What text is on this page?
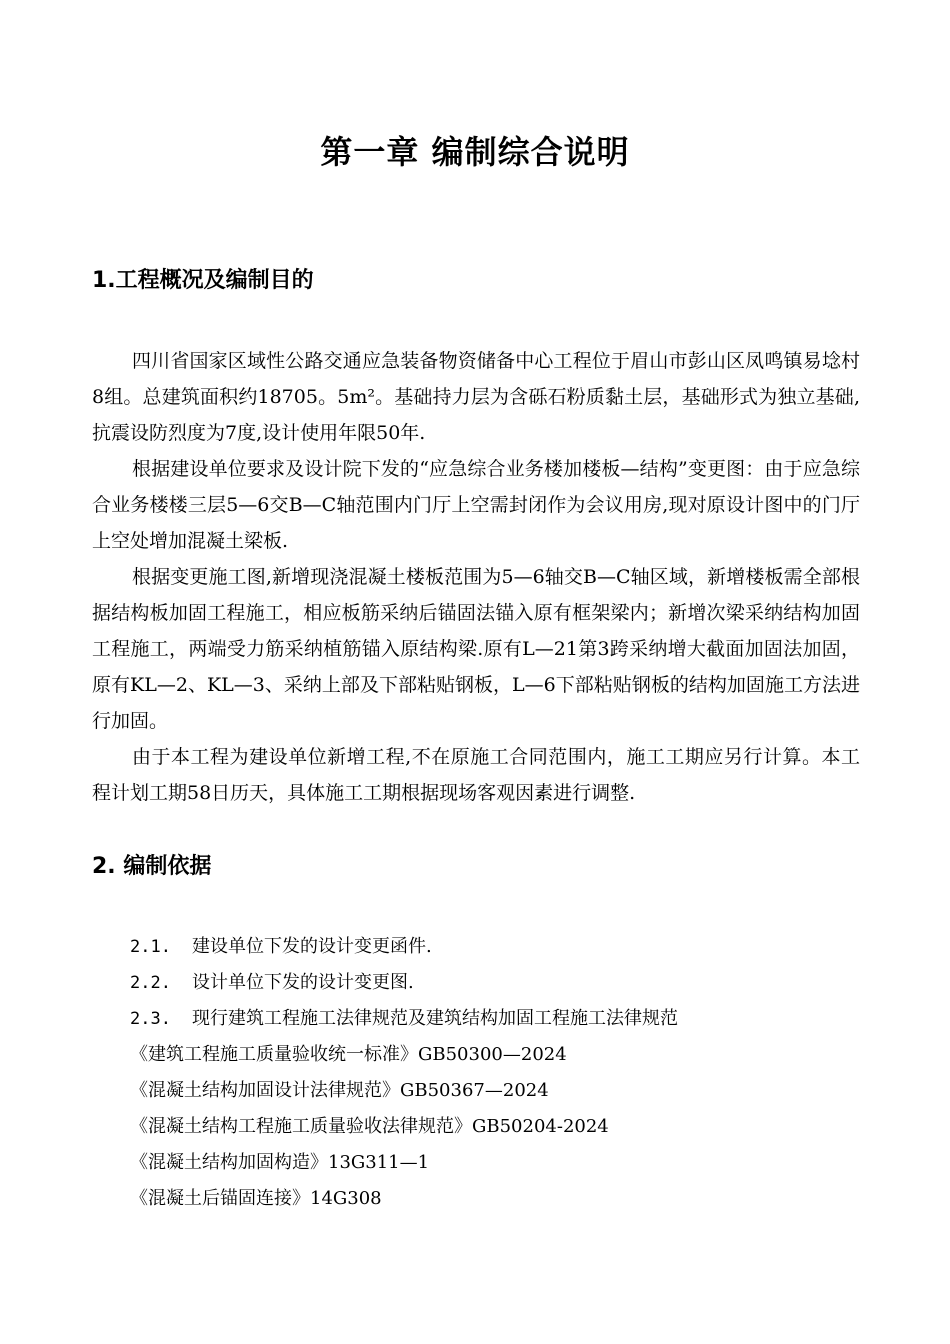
第一章 编制综合说明
1.工程概况及编制目的

四川省国家区域性公路交通应急装备物资储备中心工程位于眉山市彭山区凤鸣镇易埝村8组。总建筑面积约18705。5m²。基础持力层为含砾石粉质黏土层，基础形式为独立基础,抗震设防烈度为7度,设计使用年限50年.

根据建设单位要求及设计院下发的“应急综合业务楼加楼板—结构”变更图：由于应急综合业务楼楼三层5—6交B—C轴范围内门厅上空需封闭作为会议用房,现对原设计图中的门厅上空处增加混凝土梁板.

根据变更施工图,新增现浇混凝土楼板范围为5—6轴交B—C轴区域，新增楼板需全部根据结构板加固工程施工，相应板筋采纳后锚固法锚入原有框架梁内；新增次梁采纳结构加固工程施工，两端受力筋采纳植筋锚入原结构梁.原有L—21第3跨采纳增大截面加固法加固，原有KL—2、KL—3、采纳上部及下部粘贴钢板，L—6下部粘贴钢板的结构加固施工方法进行加固。

由于本工程为建设单位新增工程,不在原施工合同范围内，施工工期应另行计算。本工程计划工期58日历天，具体施工工期根据现场客观因素进行调整.

2. 编制依据
2.1.	建设单位下发的设计变更函件.
2.2.	设计单位下发的设计变更图.
2.3.	现行建筑工程施工法律规范及建筑结构加固工程施工法律规范
《建筑工程施工质量验收统一标准》GB50300—2024
《混凝土结构加固设计法律规范》GB50367—2024
《混凝土结构工程施工质量验收法律规范》GB50204-2024
《混凝土结构加固构造》13G311—1
《混凝土后锚固连接》14G308
